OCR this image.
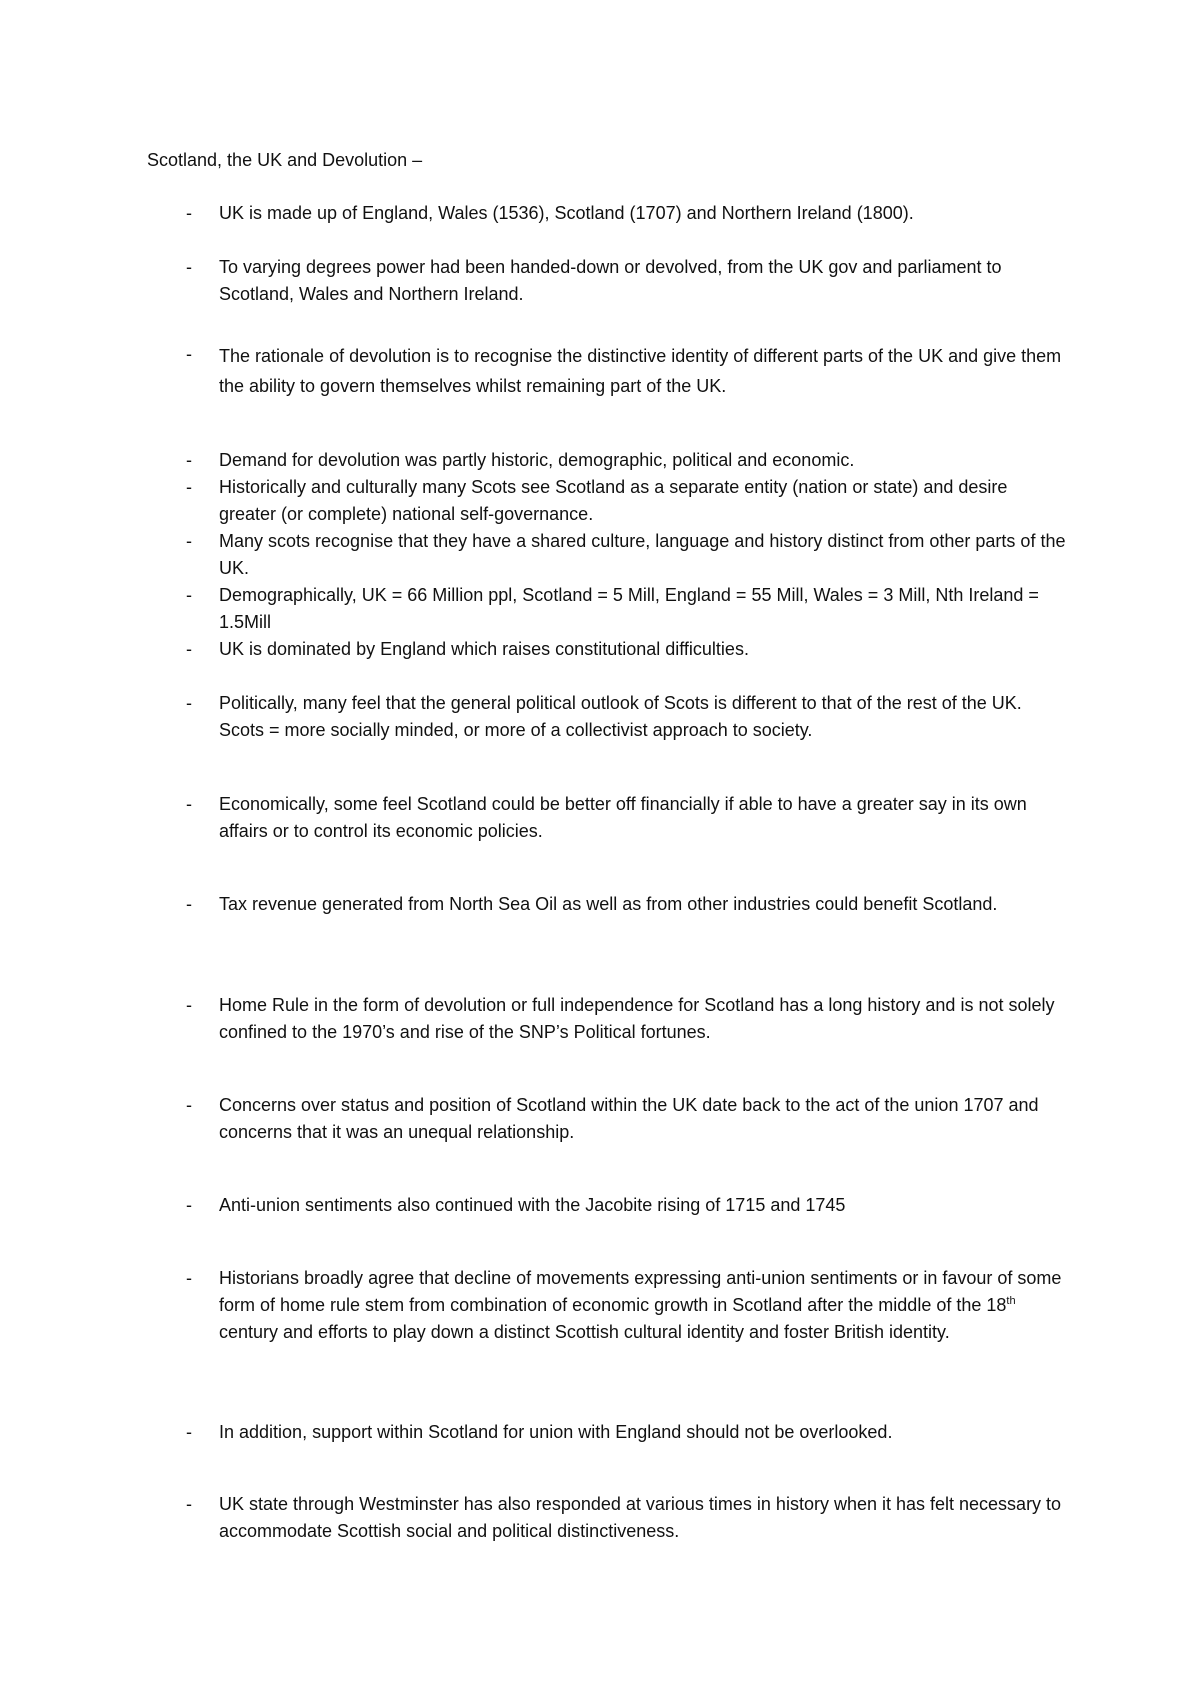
Scotland, the UK and Devolution –
- UK is made up of England, Wales (1536), Scotland (1707) and Northern Ireland (1800).
- To varying degrees power had been handed-down or devolved, from the UK gov and parliament to Scotland, Wales and Northern Ireland.
- The rationale of devolution is to recognise the distinctive identity of different parts of the UK and give them the ability to govern themselves whilst remaining part of the UK.
- Demand for devolution was partly historic, demographic, political and economic.
- Historically and culturally many Scots see Scotland as a separate entity (nation or state) and desire greater (or complete) national self-governance.
- Many scots recognise that they have a shared culture, language and history distinct from other parts of the UK.
- Demographically, UK = 66 Million ppl, Scotland = 5 Mill, England = 55 Mill, Wales = 3 Mill, Nth Ireland = 1.5Mill
- UK is dominated by England which raises constitutional difficulties.
- Politically, many feel that the general political outlook of Scots is different to that of the rest of the UK. Scots = more socially minded, or more of a collectivist approach to society.
- Economically, some feel Scotland could be better off financially if able to have a greater say in its own affairs or to control its economic policies.
- Tax revenue generated from North Sea Oil as well as from other industries could benefit Scotland.
- Home Rule in the form of devolution or full independence for Scotland has a long history and is not solely confined to the 1970’s and rise of the SNP’s Political fortunes.
- Concerns over status and position of Scotland within the UK date back to the act of the union 1707 and concerns that it was an unequal relationship.
- Anti-union sentiments also continued with the Jacobite rising of 1715 and 1745
- Historians broadly agree that decline of movements expressing anti-union sentiments or in favour of some form of home rule stem from combination of economic growth in Scotland after the middle of the 18th century and efforts to play down a distinct Scottish cultural identity and foster British identity.
- In addition, support within Scotland for union with England should not be overlooked.
- UK state through Westminster has also responded at various times in history when it has felt necessary to accommodate Scottish social and political distinctiveness.
